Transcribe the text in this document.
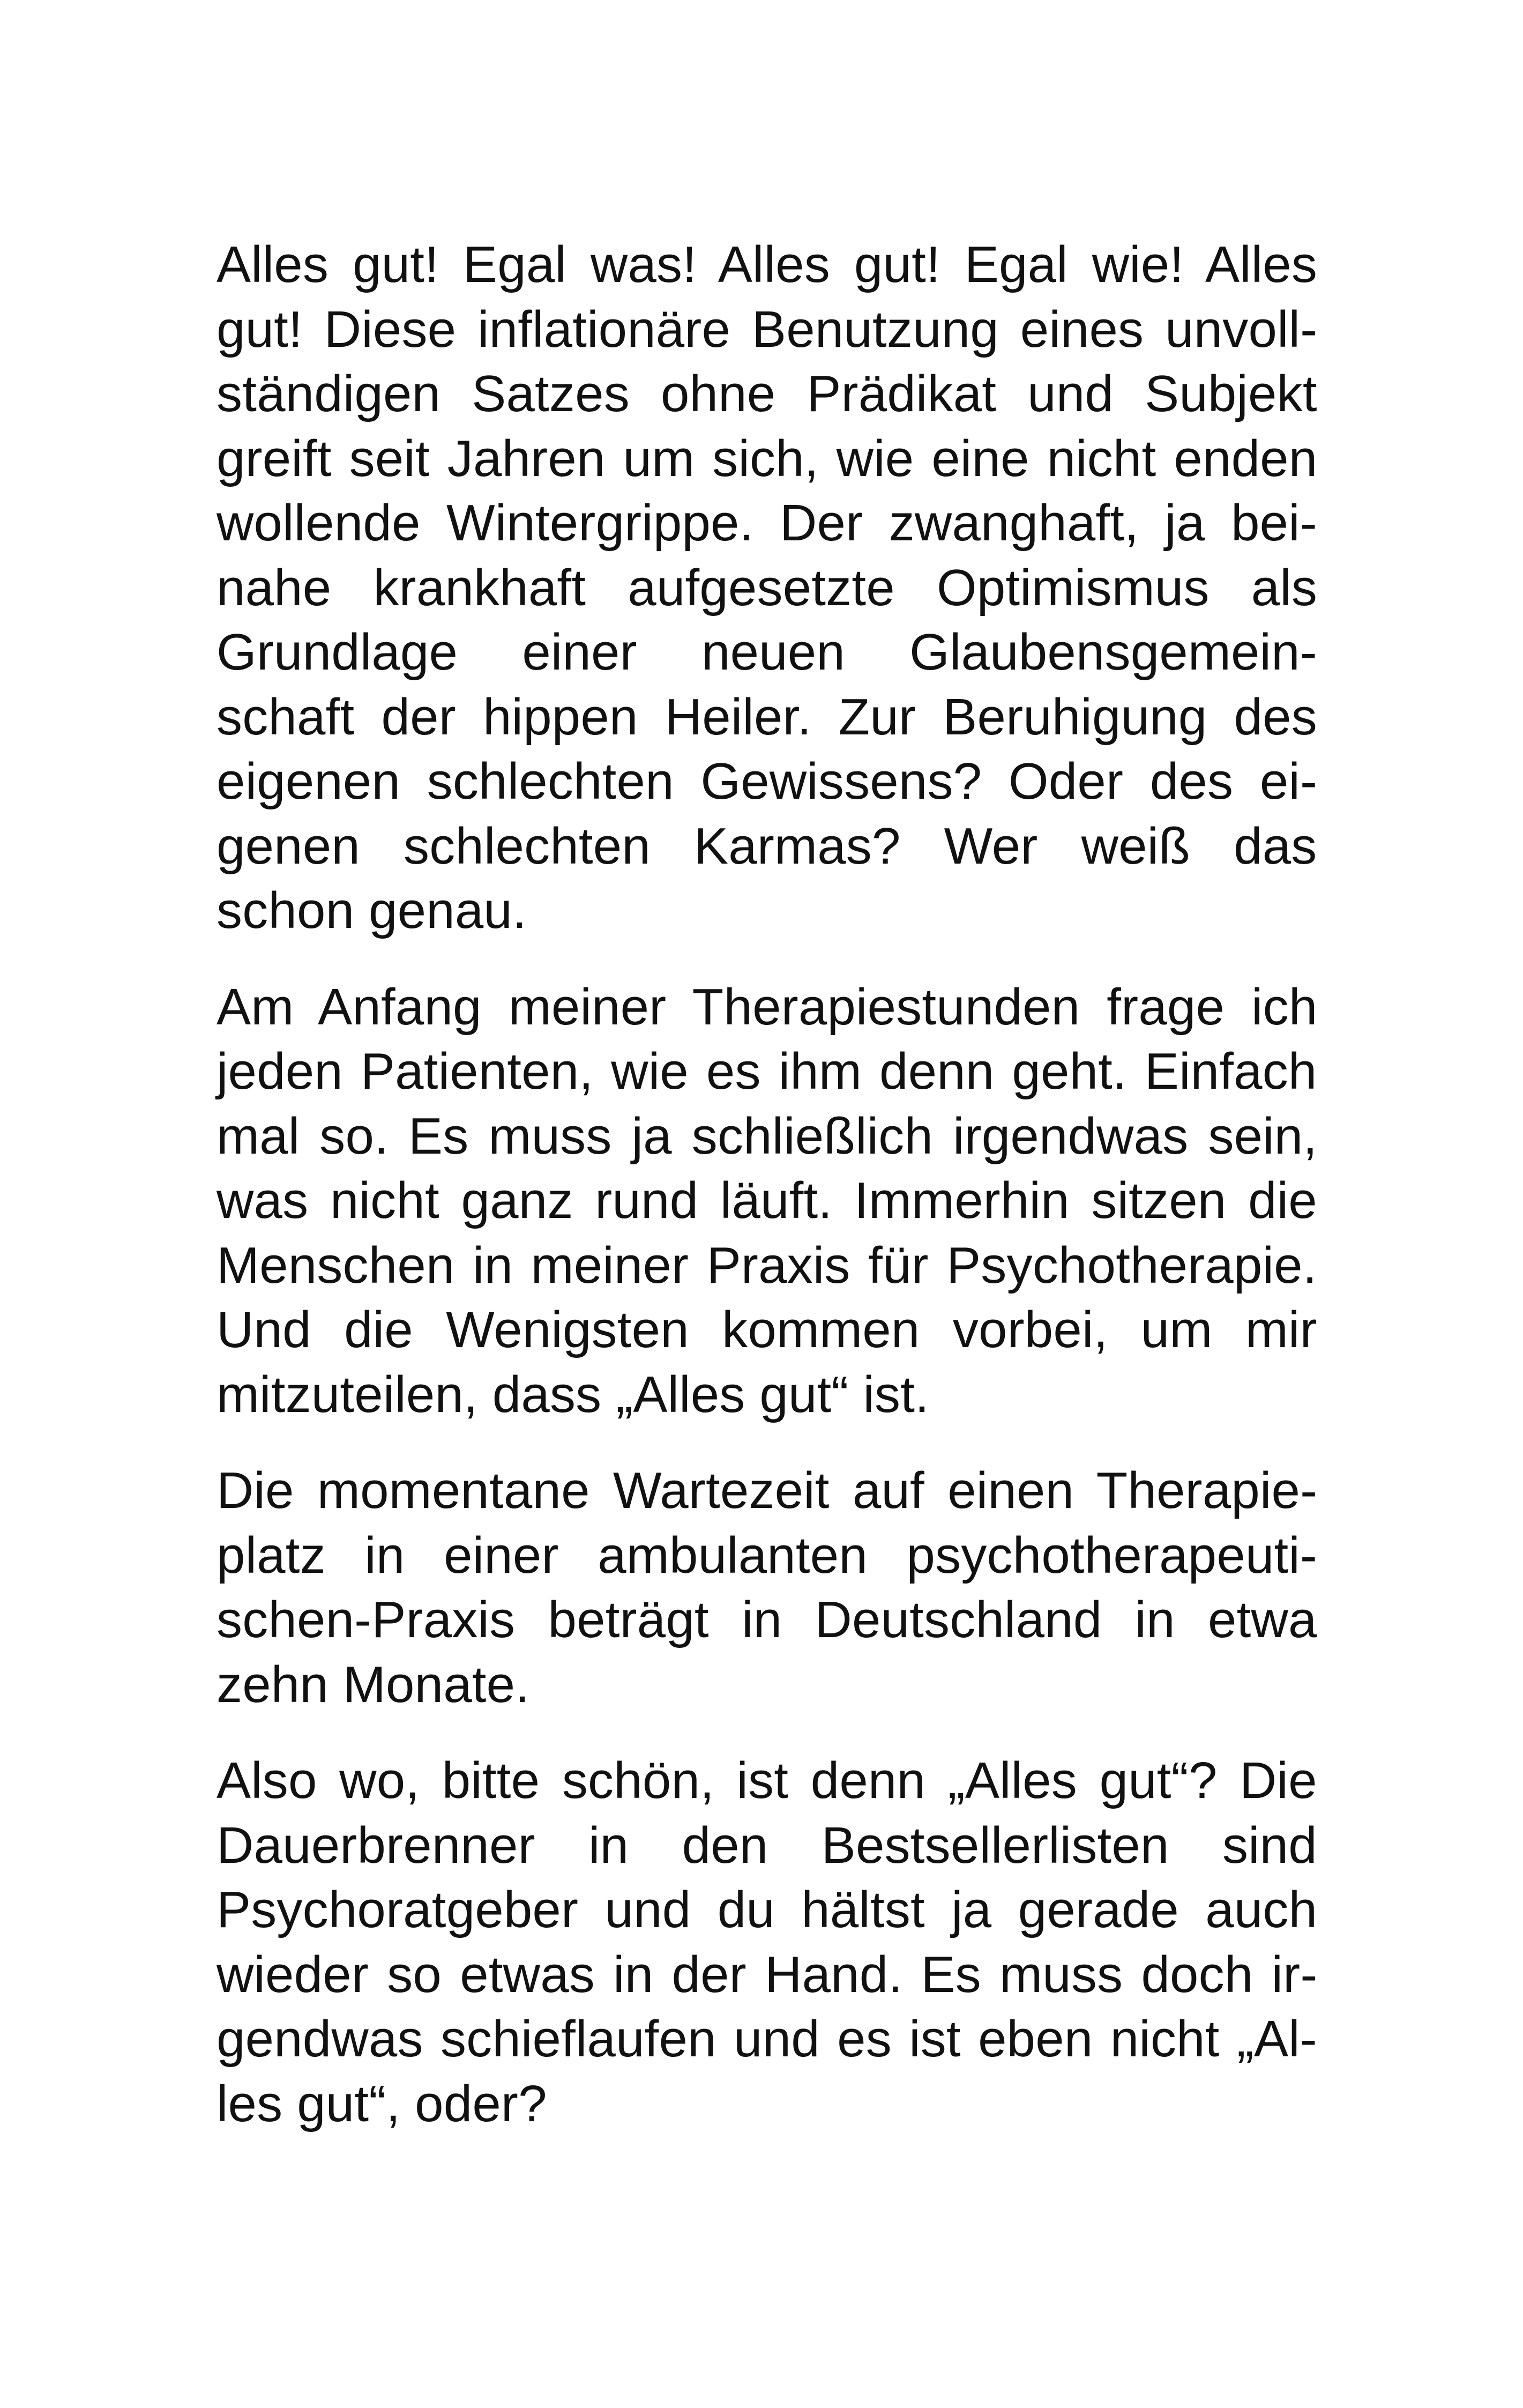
Alles gut! Egal was! Alles gut! Egal wie! Alles
gut! Diese inflationäre Benutzung eines unvoll-
ständigen Satzes ohne Prädikat und Subjekt
greift seit Jahren um sich, wie eine nicht enden
wollende Wintergrippe. Der zwanghaft, ja bei-
nahe krankhaft aufgesetzte Optimismus als
Grundlage einer neuen Glaubensgemein-
schaft der hippen Heiler. Zur Beruhigung des
eigenen schlechten Gewissens? Oder des ei-
genen schlechten Karmas? Wer weiß das
schon genau.

Am Anfang meiner Therapiestunden frage ich
jeden Patienten, wie es ihm denn geht. Einfach
mal so. Es muss ja schließlich irgendwas sein,
was nicht ganz rund läuft. Immerhin sitzen die
Menschen in meiner Praxis für Psychotherapie.
Und die Wenigsten kommen vorbei, um mir
mitzuteilen, dass „Alles gut“ ist.

Die momentane Wartezeit auf einen Therapie-
platz in einer ambulanten psychotherapeuti-
schen-Praxis beträgt in Deutschland in etwa
zehn Monate.

Also wo, bitte schön, ist denn „Alles gut“? Die
Dauerbrenner in den Bestsellerlisten sind
Psychoratgeber und du hältst ja gerade auch
wieder so etwas in der Hand. Es muss doch ir-
gendwas schieflaufen und es ist eben nicht „Al-
les gut“, oder?
